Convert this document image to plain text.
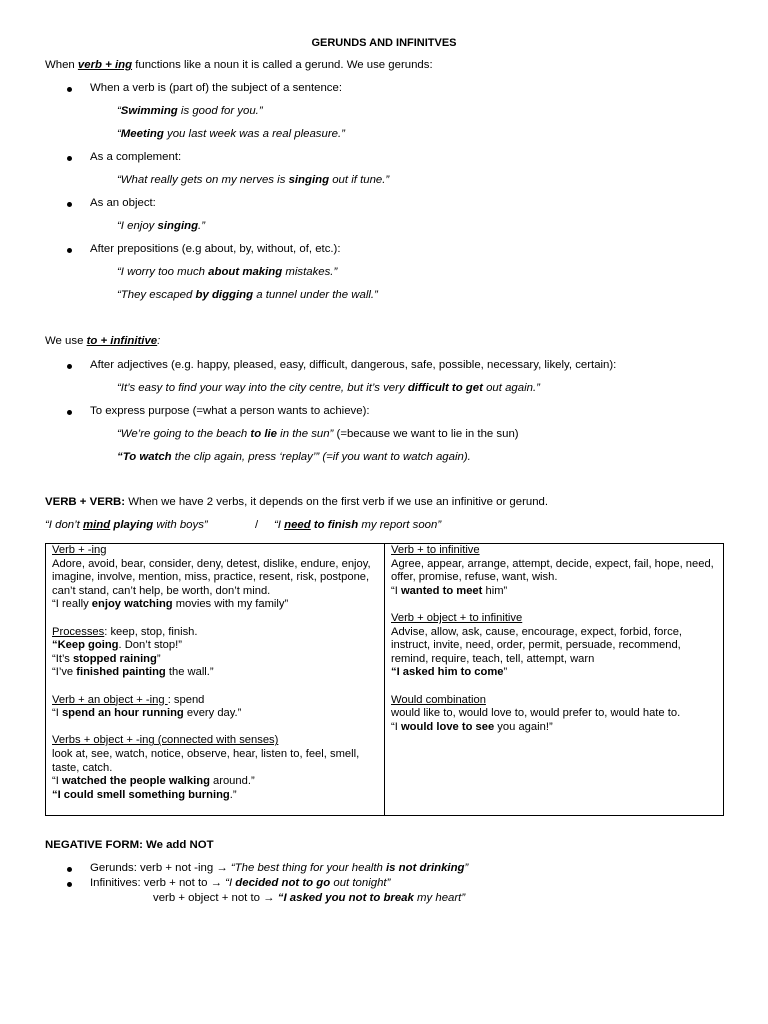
GERUNDS AND INFINITVES
When verb + ing functions like a noun it is called a gerund. We use gerunds:
When a verb is (part of) the subject of a sentence:
“Swimming is good for you.”
“Meeting you last week was a real pleasure.”
As a complement:
“What really gets on my nerves is singing out if tune.”
As an object:
“I enjoy singing.”
After prepositions (e.g about, by, without, of, etc.):
“I worry too much about making mistakes.”
“They escaped by digging a tunnel under the wall.”
We use to + infinitive:
After adjectives (e.g. happy, pleased, easy, difficult, dangerous, safe, possible, necessary, likely, certain):
“It’s easy to find your way into the city centre, but it’s very difficult to get out again.”
To express purpose (=what a person wants to achieve):
“We’re going to the beach to lie in the sun” (=because we want to lie in the sun)
“To watch the clip again, press ‘replay’” (=if you want to watch again).
VERB + VERB: When we have 2 verbs, it depends on the first verb if we use an infinitive or gerund.
“I don’t mind playing with boys”	/ “I need to finish my report soon”
Verb + -ing
Adore, avoid, bear, consider, deny, detest, dislike, endure, enjoy, imagine, involve, mention, miss, practice, resent, risk, postpone, can’t stand, can’t help, be worth, don’t mind.
“I really enjoy watching movies with my family”
Processes: keep, stop, finish.
“Keep going. Don’t stop!”
“It’s stopped raining”
“I’ve finished painting the wall.”
Verb + an object + -ing : spend
“I spend an hour running every day.”
Verbs + object + -ing (connected with senses)
look at, see, watch, notice, observe, hear, listen to, feel, smell, taste, catch.
“I watched the people walking around.”
“I could smell something burning.”

Verb + to infinitive
Agree, appear, arrange, attempt, decide, expect, fail, hope, need, offer, promise, refuse, want, wish.
“I wanted to meet him”
Verb + object + to infinitive
Advise, allow, ask, cause, encourage, expect, forbid, force, instruct, invite, need, order, permit, persuade, recommend, remind, require, teach, tell, attempt, warn
“I asked him to come”
Would combination
would like to, would love to, would prefer to, would hate to.
“I would love to see you again!”
NEGATIVE FORM: We add NOT
Gerunds: verb + not -ing → “The best thing for your health is not drinking”
Infinitives: verb + not to → “I decided not to go out tonight”
verb + object + not to → “I asked you not to break my heart”
